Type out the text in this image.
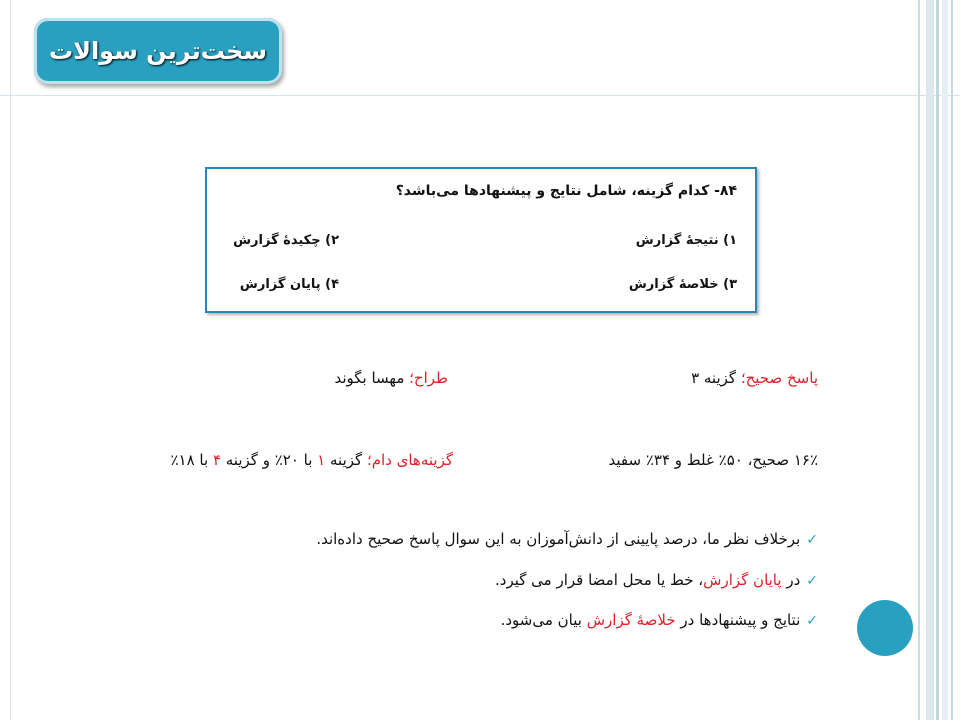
سخت‌ترین سوالات
۸۴- کدام گزینه، شامل نتایج و پیشنهادها می‌باشد؟
۱) نتیجهٔ گزارش
۲) چکیدهٔ گزارش
۳) خلاصهٔ گزارش
۴) پایان گزارش
پاسخ صحیح؛ گزینه ۳
طراح؛ مهسا بگوند
۱۶٪ صحیح، ۵۰٪ غلط و ۳۴٪ سفید
گزینه‌های دام؛ گزینه ۱ با ۲۰٪ و گزینه ۴ با ۱۸٪
✓برخلاف نظر ما، درصد پایینی از دانش‌آموزان به این سوال پاسخ صحیح داده‌اند.
✓در پایان گزارش، خط یا محل امضا قرار می گیرد.
✓نتایج و پیشنهادها در خلاصهٔ گزارش بیان می‌شود.
